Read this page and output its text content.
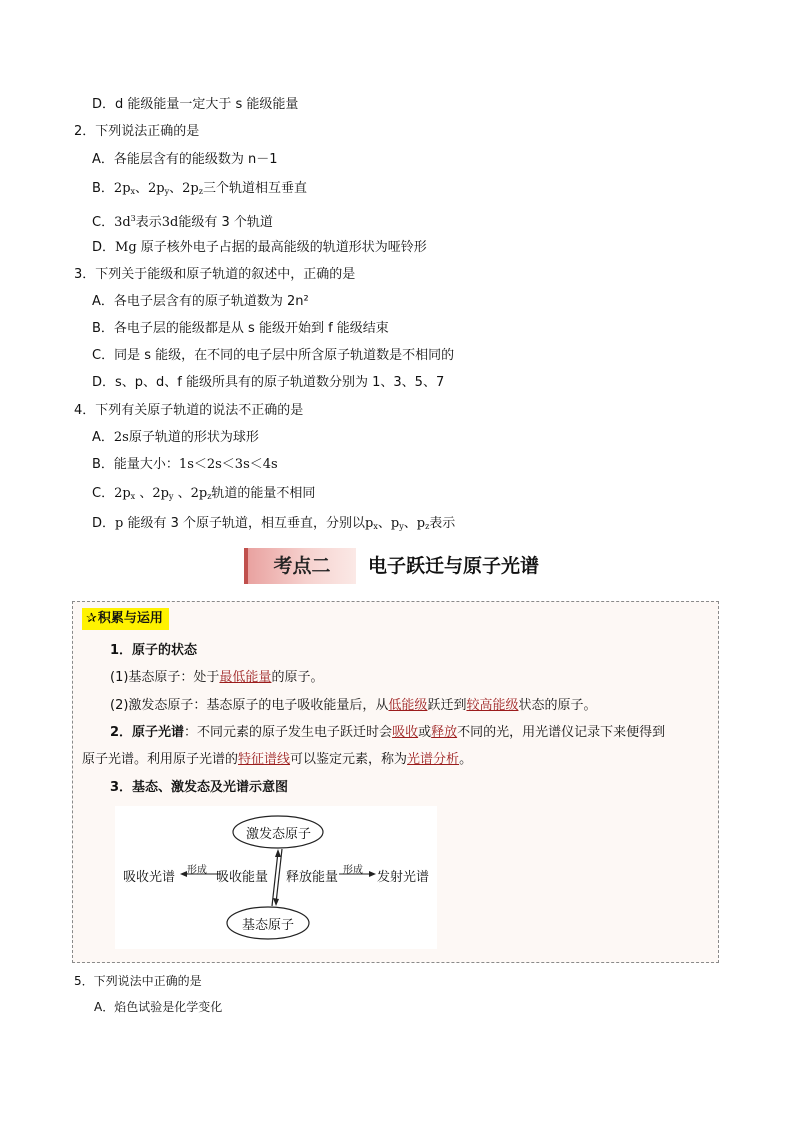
D．d 能级能量一定大于 s 能级能量
2．下列说法正确的是
A．各能层含有的能级数为 n－1
B．$2p_x$、$2p_y$、$2p_z$三个轨道相互垂直
C．$3d^3$表示3d能级有 3 个轨道
D．Mg 原子核外电子占据的最高能级的轨道形状为哑铃形
3．下列关于能级和原子轨道的叙述中，正确的是
A．各电子层含有的原子轨道数为 2n²
B．各电子层的能级都是从 s 能级开始到 f 能级结束
C．同是 s 能级，在不同的电子层中所含原子轨道数是不相同的
D．s、p、d、f 能级所具有的原子轨道数分别为 1、3、5、7
4．下列有关原子轨道的说法不正确的是
A．2s原子轨道的形状为球形
B．能量大小：1s＜2s＜3s＜4s
C．$2p_x$ 、$2p_y$ 、$2p_z$轨道的能量不相同
D．p 能级有 3 个原子轨道，相互垂直，分别以$p_x$、$p_y$、$p_z$表示
考点二	电子跃迁与原子光谱
✰积累与运用
1．原子的状态
(1)基态原子：处于最低能量的原子。
(2)激发态原子：基态原子的电子吸收能量后，从低能级跃迁到较高能级状态的原子。
2．原子光谱：不同元素的原子发生电子跃迁时会吸收或释放不同的光，用光谱仪记录下来便得到
原子光谱。利用原子光谱的特征谱线可以鉴定元素，称为光谱分析。
3．基态、激发态及光谱示意图
激发态原子
基态原子
吸收光谱 形成 吸收能量 释放能量 形成 发射光谱
5．下列说法中正确的是
A．焰色试验是化学变化
